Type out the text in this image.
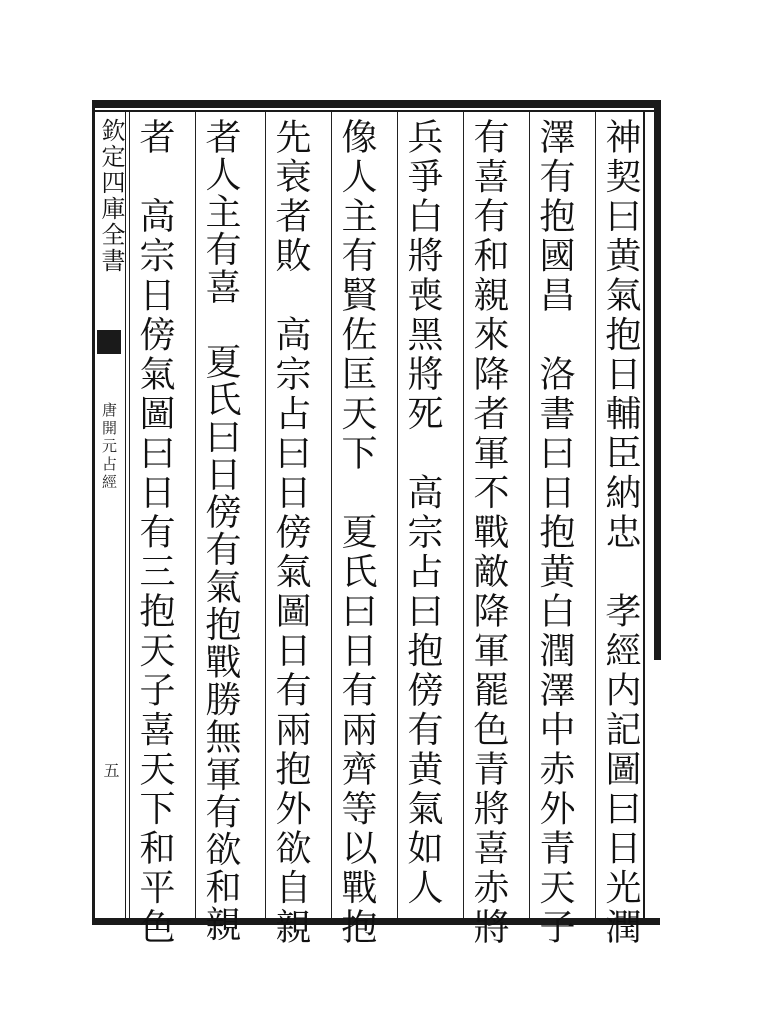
欽定四庫全書
唐開元占經
五	神契曰黄氣抱日輔臣納忠　孝經内記圖曰日光潤
澤有抱國昌　洛書曰日抱黄白潤澤中赤外青天子
有喜有和親來降者軍不戰敵降軍罷色青將喜赤將
兵爭白將喪黑將死　高宗占曰抱傍有黄氣如人
像人主有賢佐匡天下　夏氏曰日有兩齊等以戰抱
先衰者敗　高宗占曰日傍氣圖日有兩抱外欲自親
者人主有喜　夏氏曰日傍有氣抱戰勝無軍有欲和親
者　高宗日傍氣圖曰日有三抱天子喜天下和平色
